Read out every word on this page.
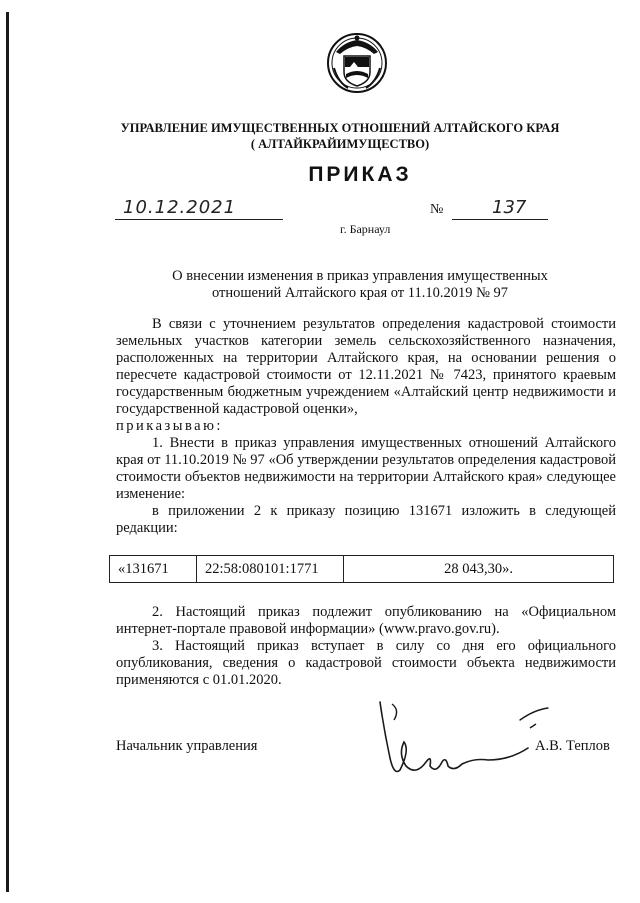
УПРАВЛЕНИЕ ИМУЩЕСТВЕННЫХ ОТНОШЕНИЙ АЛТАЙСКОГО КРАЯ
( АЛТАЙКРАЙИМУЩЕСТВО)
ПРИКАЗ
10.12.2021	№	137
г. Барнаул
О внесении изменения в приказ управления имущественных
отношений Алтайского края от 11.10.2019 № 97

В связи с уточнением результатов определения кадастровой стоимости земельных участков категории земель сельскохозяйственного назначения, расположенных на территории Алтайского края, на основании решения о пересчете кадастровой стоимости от 12.11.2021 № 7423, принятого краевым государственным бюджетным учреждением «Алтайский центр недвижимости и государственной кадастровой оценки»,

приказываю:

1. Внести в приказ управления имущественных отношений Алтайского края от 11.10.2019 № 97 «Об утверждении результатов определения кадастровой стоимости объектов недвижимости на территории Алтайского края» следующее изменение:

в приложении 2 к приказу позицию 131671 изложить в следующей редакции:

«131671	22:58:080101:1771	28 043,30».

2. Настоящий приказ подлежит опубликованию на «Официальном интернет-портале правовой информации» (www.pravo.gov.ru).

3. Настоящий приказ вступает в силу со дня его официального опубликования, сведения о кадастровой стоимости объекта недвижимости применяются с 01.01.2020.

Начальник управления	А.В. Теплов
